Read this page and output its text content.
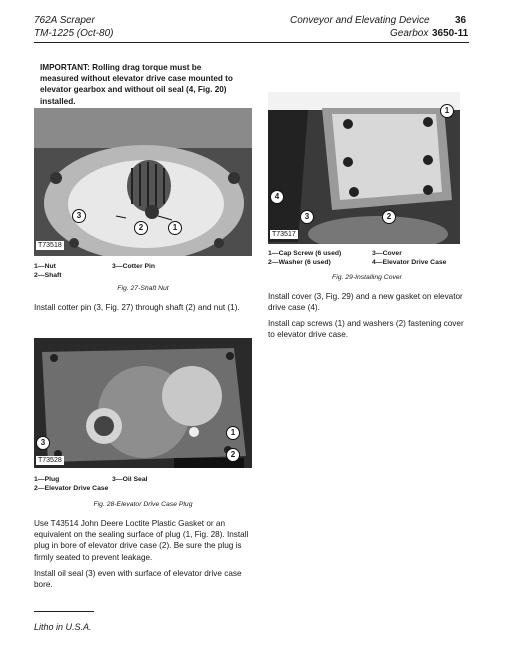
762A Scraper
TM-1225 (Oct-80)
Conveyor and Elevating Device
Gearbox
36
3650-11
IMPORTANT: Rolling drag torque must be measured without elevator drive case mounted to elevator gearbox and without oil seal (4, Fig. 20) installed.
3
2	1
T73518
1—Nut	3—Cotter Pin
2—Shaft
Fig. 27-Shaft Nut
Install cotter pin (3, Fig. 27) through shaft (2) and nut (1).
3
1
2
T73528
1—Plug	3—Oil Seal
2—Elevator Drive Case
Fig. 28-Elevator Drive Case Plug
Use T43514 John Deere Loctite Plastic Gasket or an equivalent on the sealing surface of plug (1, Fig. 28). Install plug in bore of elevator drive case (2). Be sure the plug is firmly seated to prevent leakage.
Install oil seal (3) even with surface of elevator drive case bore.
1
4
3	2
T73517
1—Cap Screw (6 used)	3—Cover
2—Washer (6 used)	4—Elevator Drive Case
Fig. 29-Installing Cover
Install cover (3, Fig. 29) and a new gasket on elevator drive case (4).
Install cap screws (1) and washers (2) fastening cover to elevator drive case.
Litho in U.S.A.
